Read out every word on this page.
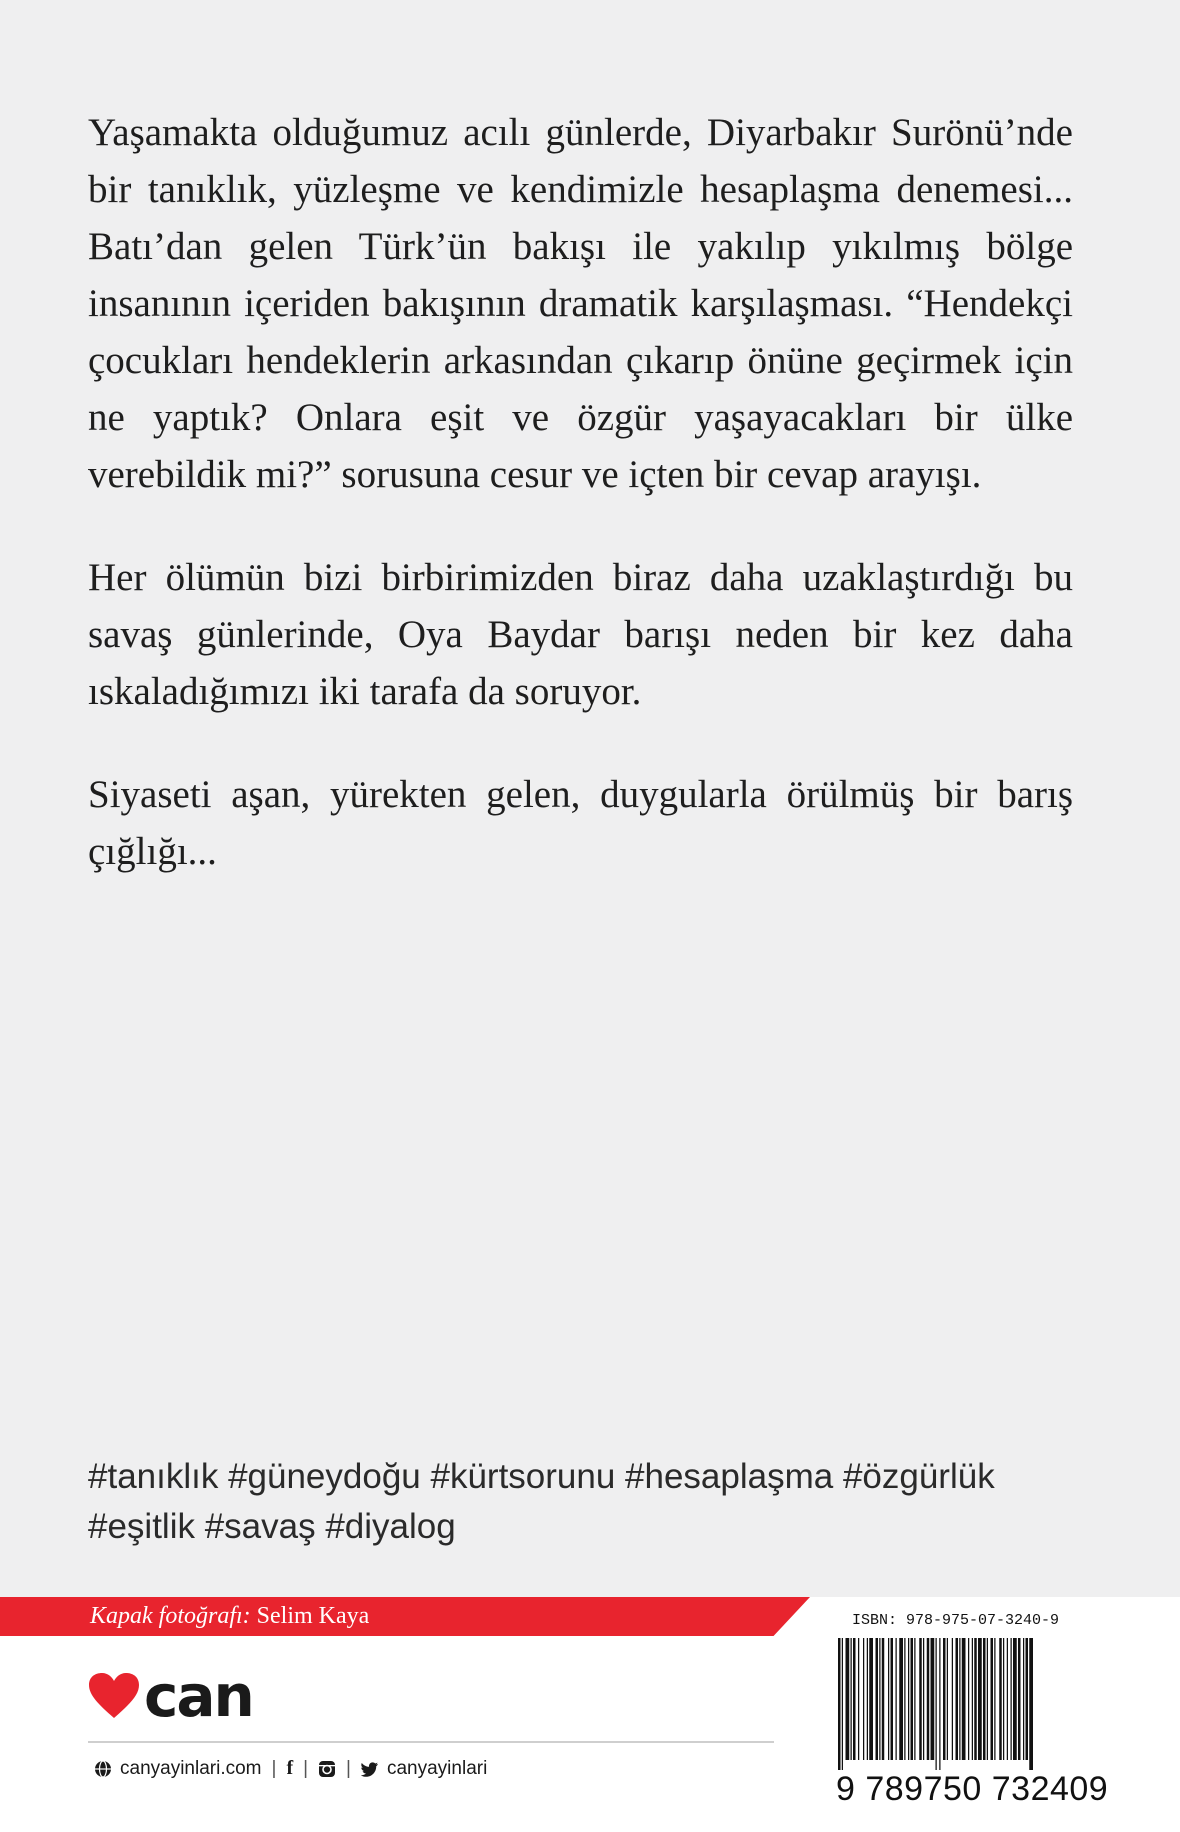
Yaşamakta olduğumuz acılı günlerde, Diyarbakır Surönü’nde bir tanıklık, yüzleşme ve kendimizle hesaplaşma denemesi... Batı’dan gelen Türk’ün bakışı ile yakılıp yıkılmış bölge insanının içeriden bakışının dramatik karşılaşması. “Hendekçi çocukları hendeklerin arkasından çıkarıp önüne geçirmek için ne yaptık? Onlara eşit ve özgür yaşayacakları bir ülke verebildik mi?” sorusuna cesur ve içten bir cevap arayışı.

Her ölümün bizi birbirimizden biraz daha uzaklaştırdığı bu savaş günlerinde, Oya Baydar barışı neden bir kez daha ıskaladığımızı iki tarafa da soruyor.

Siyaseti aşan, yürekten gelen, duygularla örülmüş bir barış çığlığı...

#tanıklık #güneydoğu #kürtsorunu #hesaplaşma #özgürlük
#eşitlik #savaş #diyalog
Kapak fotoğrafı: Selim Kaya
can
canyayinlari.com | f | | canyayinlari
ISBN: 978-975-07-3240-9
9 789750 732409
